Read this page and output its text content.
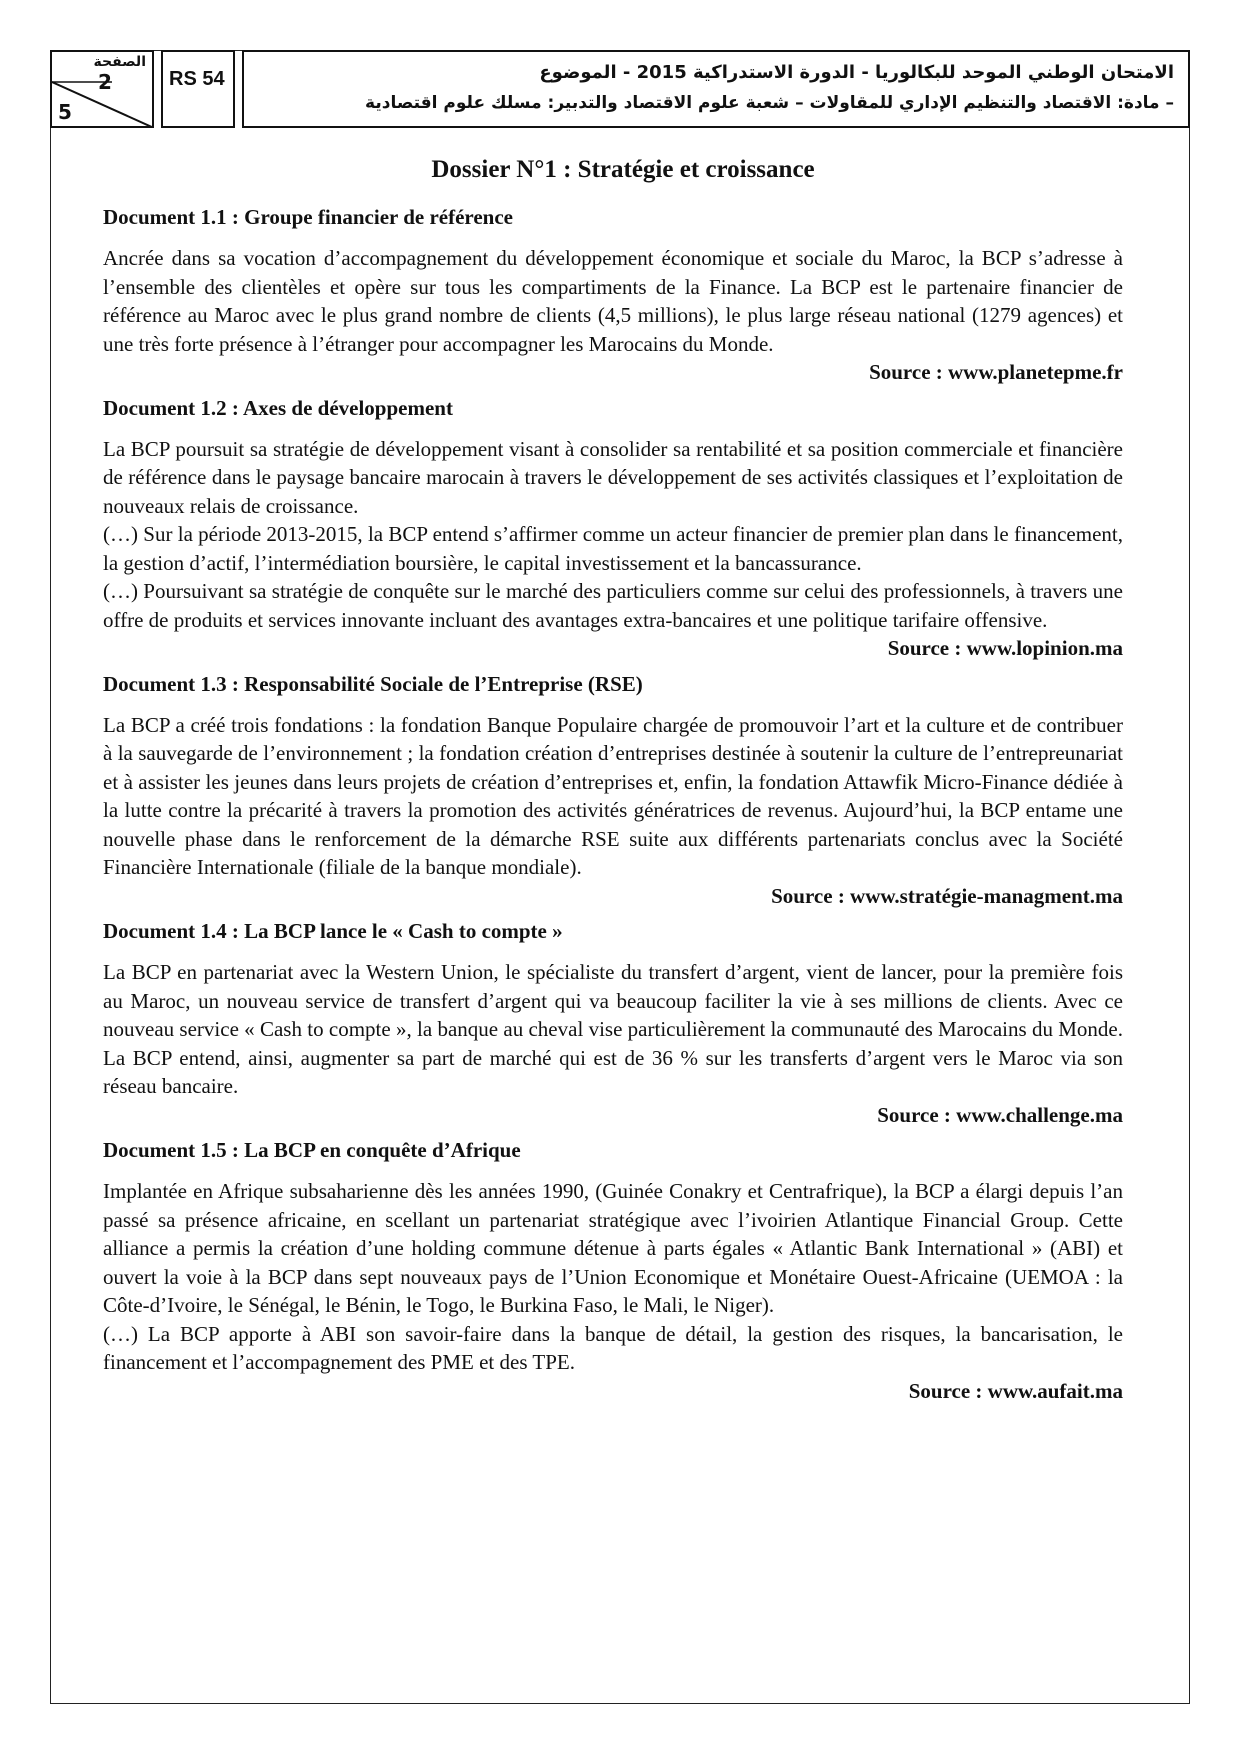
الصفحة
2
5
RS 54	الامتحان الوطني الموحد للبكالوريا - الدورة الاستدراكية 2015 - الموضوع
– مادة: الاقتصاد والتنظيم الإداري للمقاولات – شعبة علوم الاقتصاد والتدبير: مسلك علوم اقتصادية
Dossier N°1 : Stratégie et croissance
Document 1.1 : Groupe financier de référence

Ancrée dans sa vocation d’accompagnement du développement économique et sociale du Maroc, la BCP s’adresse à l’ensemble des clientèles et opère sur tous les compartiments de la Finance. La BCP est le partenaire financier de référence au Maroc avec le plus grand nombre de clients (4,5 millions), le plus large réseau national (1279 agences) et une très forte présence à l’étranger pour accompagner les Marocains du Monde.

Source : www.planetepme.fr
Document 1.2 : Axes de développement

La BCP poursuit sa stratégie de développement visant à consolider sa rentabilité et sa position commerciale et financière de référence dans le paysage bancaire marocain à travers le développement de ses activités classiques et l’exploitation de nouveaux relais de croissance.

(…) Sur la période 2013-2015, la BCP entend s’affirmer comme un acteur financier de premier plan dans le financement, la gestion d’actif, l’intermédiation boursière, le capital investissement et la bancassurance.

(…) Poursuivant sa stratégie de conquête sur le marché des particuliers comme sur celui des professionnels, à travers une offre de produits et services innovante incluant des avantages extra-bancaires et une politique tarifaire offensive.

Source : www.lopinion.ma
Document 1.3 : Responsabilité Sociale de l’Entreprise (RSE)

La BCP a créé trois fondations : la fondation Banque Populaire chargée de promouvoir l’art et la culture et de contribuer à la sauvegarde de l’environnement ; la fondation création d’entreprises destinée à soutenir la culture de l’entrepreunariat et à assister les jeunes dans leurs projets de création d’entreprises et, enfin, la fondation Attawfik Micro-Finance dédiée à la lutte contre la précarité à travers la promotion des activités génératrices de revenus. Aujourd’hui, la BCP entame une nouvelle phase dans le renforcement de la démarche RSE suite aux différents partenariats conclus avec la Société Financière Internationale (filiale de la banque mondiale).

Source : www.stratégie-managment.ma
Document 1.4 : La BCP lance le « Cash to compte »

La BCP en partenariat avec la Western Union, le spécialiste du transfert d’argent, vient de lancer, pour la première fois au Maroc, un nouveau service de transfert d’argent qui va beaucoup faciliter la vie à ses millions de clients. Avec ce nouveau service « Cash to compte », la banque au cheval vise particulièrement la communauté des Marocains du Monde. La BCP entend, ainsi, augmenter sa part de marché qui est de 36 % sur les transferts d’argent vers le Maroc via son réseau bancaire.

Source : www.challenge.ma
Document 1.5 : La BCP en conquête d’Afrique

Implantée en Afrique subsaharienne dès les années 1990, (Guinée Conakry et Centrafrique), la BCP a élargi depuis l’an passé sa présence africaine, en scellant un partenariat stratégique avec l’ivoirien Atlantique Financial Group. Cette alliance a permis la création d’une holding commune détenue à parts égales « Atlantic Bank International » (ABI) et ouvert la voie à la BCP dans sept nouveaux pays de l’Union Economique et Monétaire Ouest-Africaine (UEMOA : la Côte-d’Ivoire, le Sénégal, le Bénin, le Togo, le Burkina Faso, le Mali, le Niger).

(…) La BCP apporte à ABI son savoir-faire dans la banque de détail, la gestion des risques, la bancarisation, le financement et l’accompagnement des PME et des TPE.

Source : www.aufait.ma
